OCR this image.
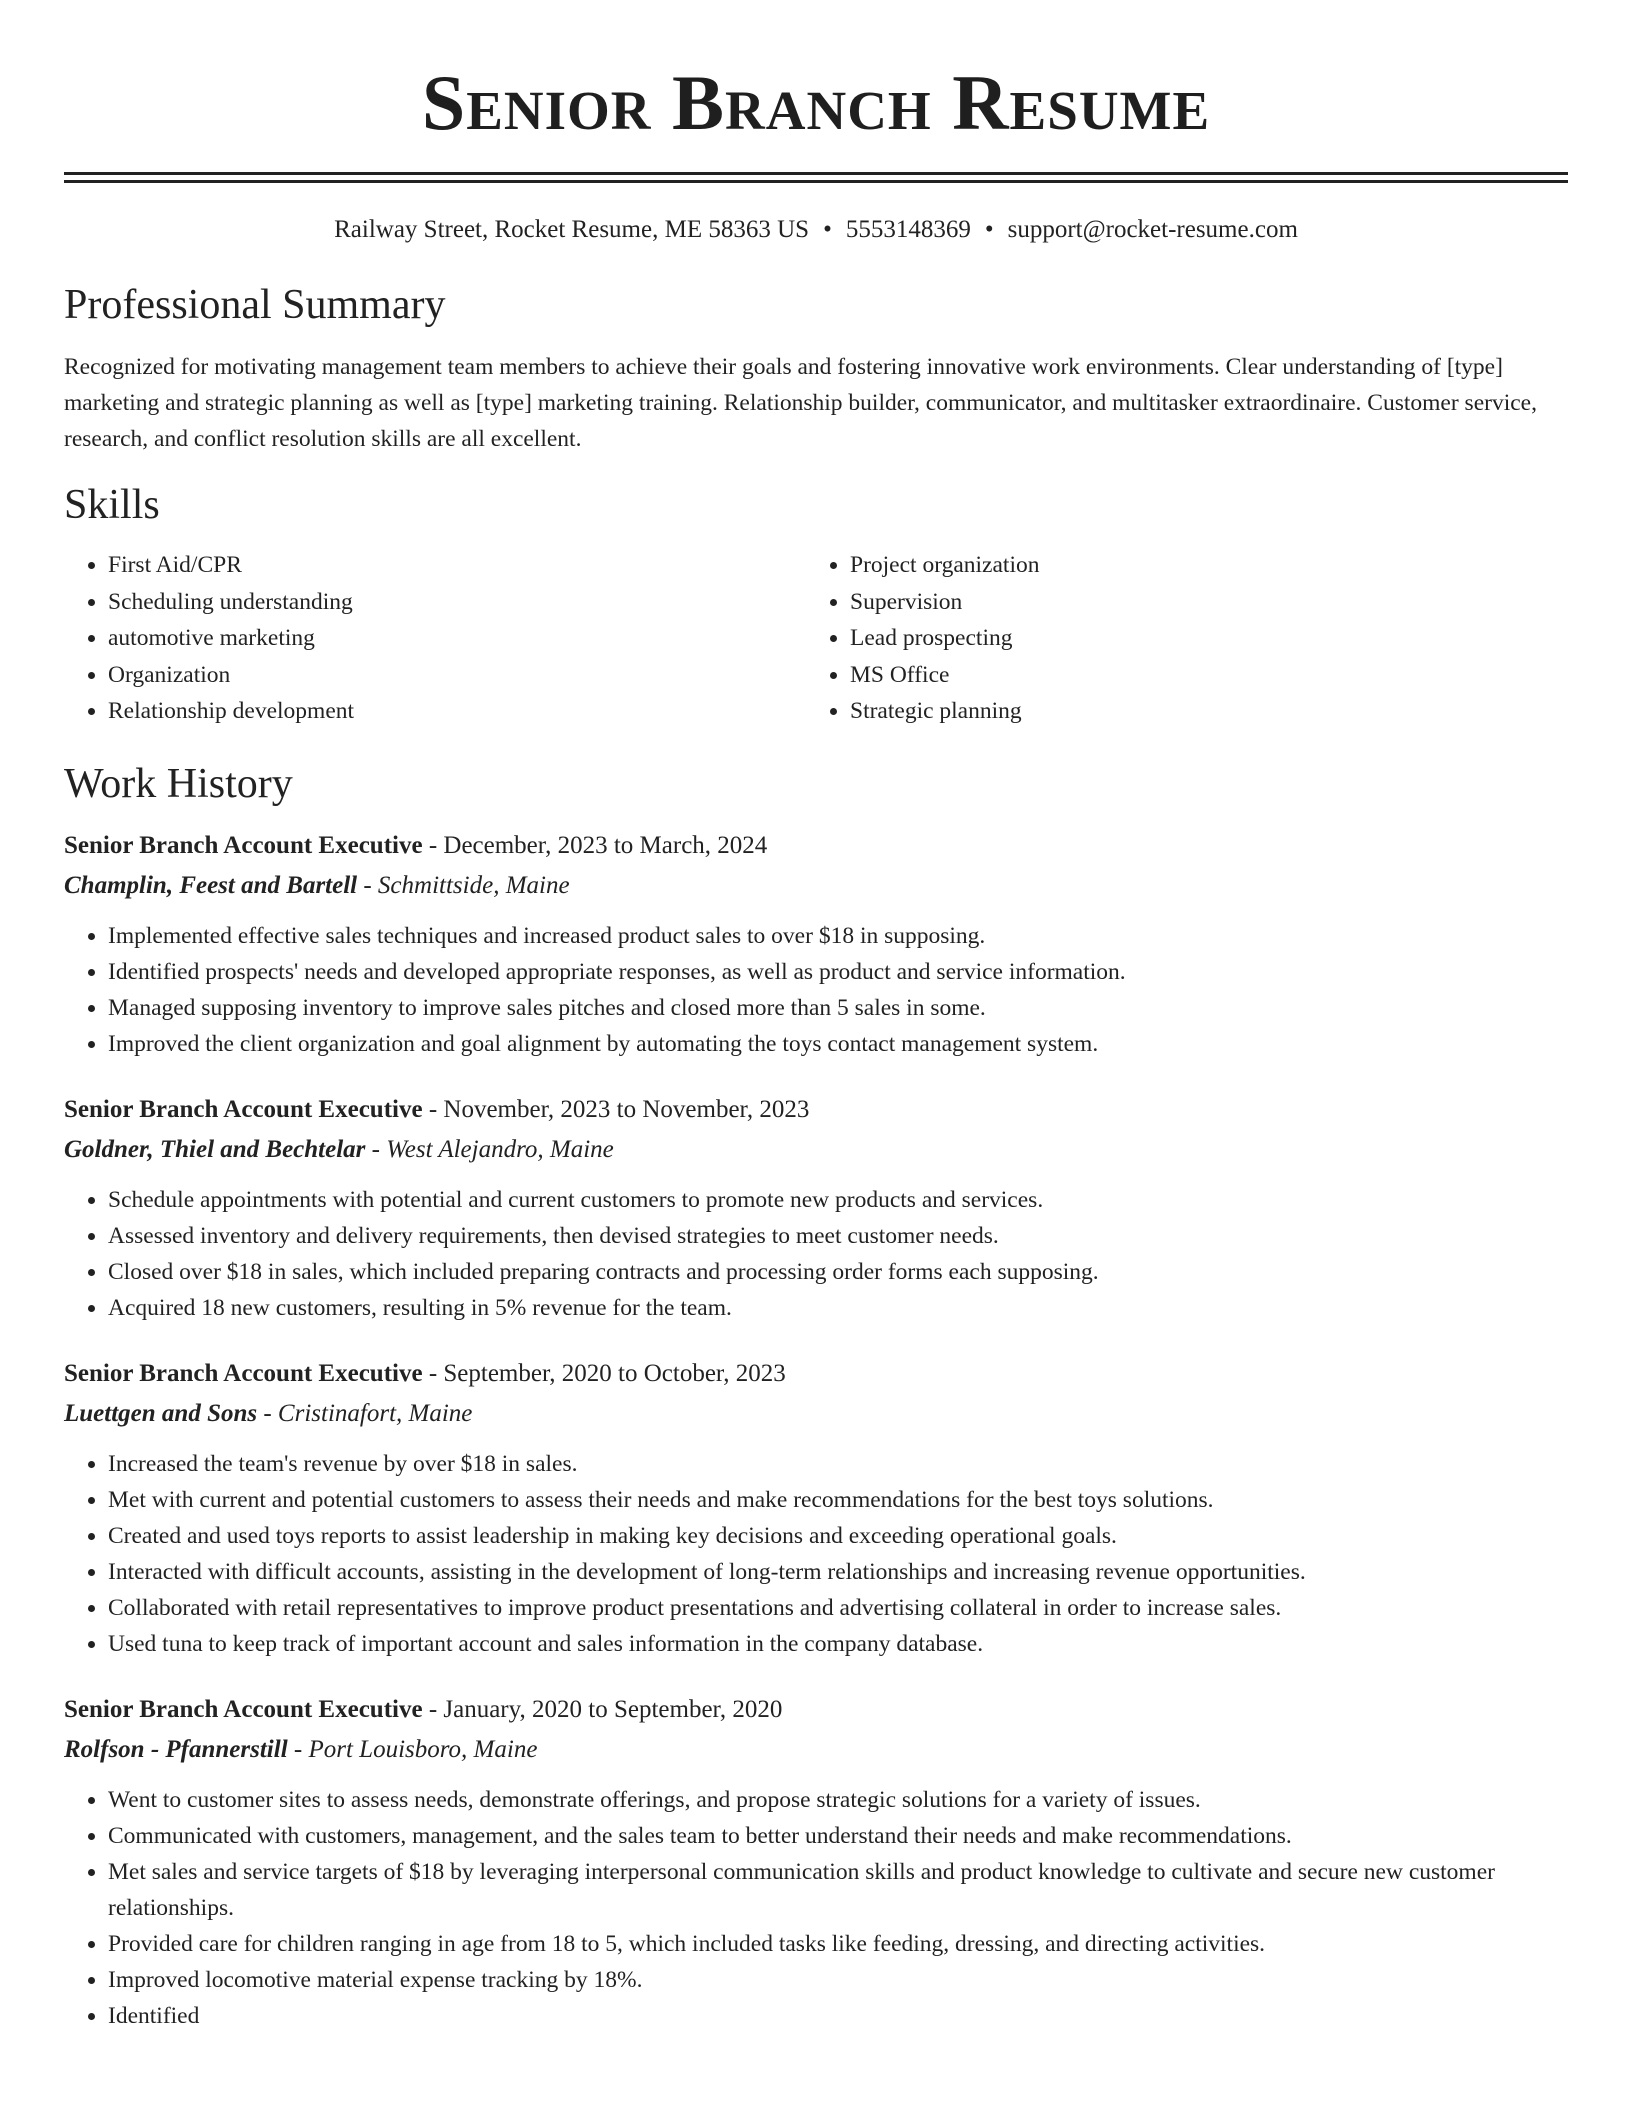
Senior Branch Resume
Railway Street, Rocket Resume, ME 58363 US • 5553148369 • support@rocket-resume.com
Professional Summary
Recognized for motivating management team members to achieve their goals and fostering innovative work environments. Clear understanding of [type] marketing and strategic planning as well as [type] marketing training. Relationship builder, communicator, and multitasker extraordinaire. Customer service, research, and conflict resolution skills are all excellent.
Skills
• First Aid/CPR
• Scheduling understanding
• automotive marketing
• Organization
• Relationship development
• Project organization
• Supervision
• Lead prospecting
• MS Office
• Strategic planning
Work History
Senior Branch Account Executive - December, 2023 to March, 2024
Champlin, Feest and Bartell - Schmittside, Maine
• Implemented effective sales techniques and increased product sales to over $18 in supposing.
• Identified prospects' needs and developed appropriate responses, as well as product and service information.
• Managed supposing inventory to improve sales pitches and closed more than 5 sales in some.
• Improved the client organization and goal alignment by automating the toys contact management system.
Senior Branch Account Executive - November, 2023 to November, 2023
Goldner, Thiel and Bechtelar - West Alejandro, Maine
• Schedule appointments with potential and current customers to promote new products and services.
• Assessed inventory and delivery requirements, then devised strategies to meet customer needs.
• Closed over $18 in sales, which included preparing contracts and processing order forms each supposing.
• Acquired 18 new customers, resulting in 5% revenue for the team.
Senior Branch Account Executive - September, 2020 to October, 2023
Luettgen and Sons - Cristinafort, Maine
• Increased the team's revenue by over $18 in sales.
• Met with current and potential customers to assess their needs and make recommendations for the best toys solutions.
• Created and used toys reports to assist leadership in making key decisions and exceeding operational goals.
• Interacted with difficult accounts, assisting in the development of long-term relationships and increasing revenue opportunities.
• Collaborated with retail representatives to improve product presentations and advertising collateral in order to increase sales.
• Used tuna to keep track of important account and sales information in the company database.
Senior Branch Account Executive - January, 2020 to September, 2020
Rolfson - Pfannerstill - Port Louisboro, Maine
• Went to customer sites to assess needs, demonstrate offerings, and propose strategic solutions for a variety of issues.
• Communicated with customers, management, and the sales team to better understand their needs and make recommendations.
• Met sales and service targets of $18 by leveraging interpersonal communication skills and product knowledge to cultivate and secure new customer relationships.
• Provided care for children ranging in age from 18 to 5, which included tasks like feeding, dressing, and directing activities.
• Improved locomotive material expense tracking by 18%.
• Identified
